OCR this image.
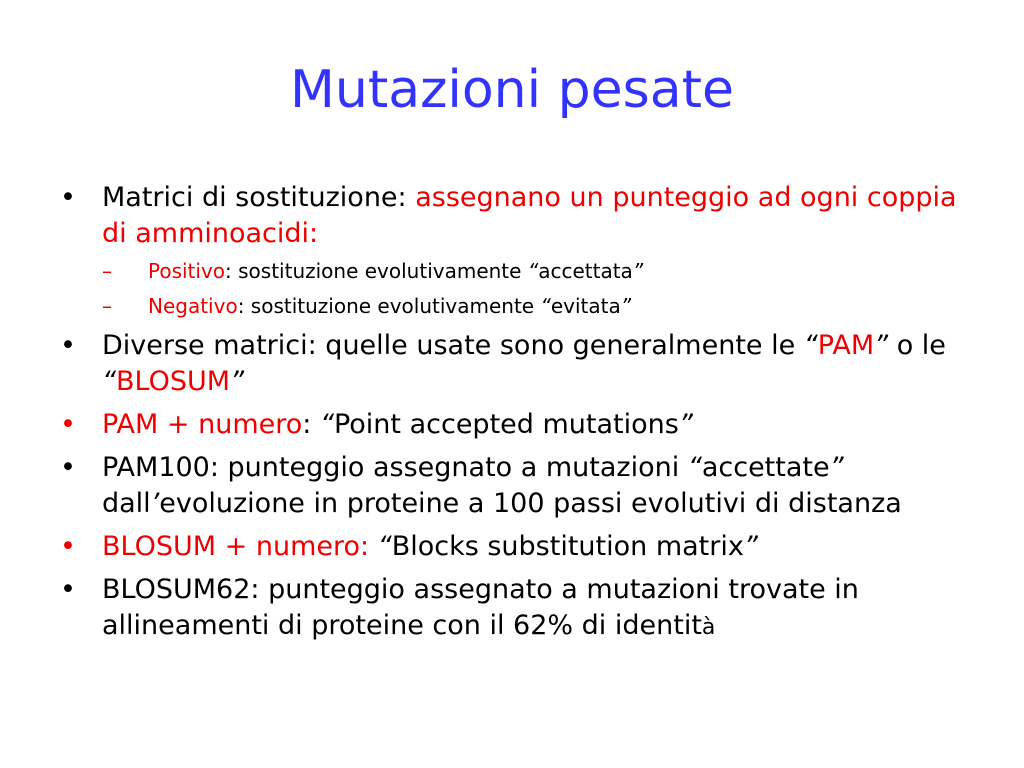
Mutazioni pesate
• Matrici di sostituzione: assegnano un punteggio ad ogni coppia di amminoacidi:
– Positivo: sostituzione evolutivamente “accettata”
– Negativo: sostituzione evolutivamente “evitata”
• Diverse matrici: quelle usate sono generalmente le “PAM” o le “BLOSUM”
• PAM + numero: “Point accepted mutations”
• PAM100: punteggio assegnato a mutazioni “accettate” dall’evoluzione in proteine a 100 passi evolutivi di distanza
• BLOSUM + numero: “Blocks substitution matrix”
• BLOSUM62: punteggio assegnato a mutazioni trovate in allineamenti di proteine con il 62% di identità
